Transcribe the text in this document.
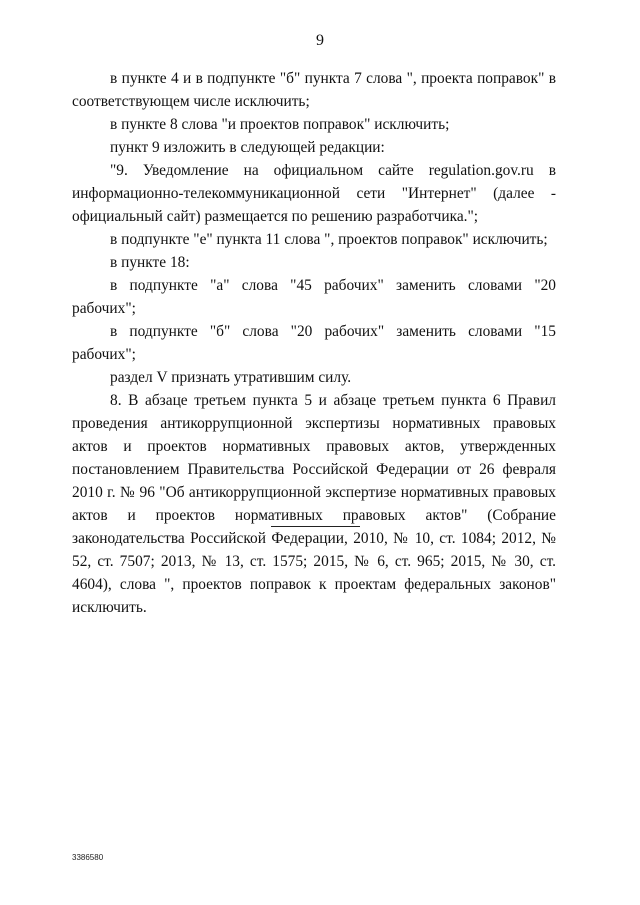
9

в пункте 4 и в подпункте "б" пункта 7 слова ", проекта поправок" в соответствующем числе исключить;

в пункте 8 слова "и проектов поправок" исключить;

пункт 9 изложить в следующей редакции:

"9. Уведомление на официальном сайте regulation.gov.ru в информационно-телекоммуникационной сети "Интернет" (далее - официальный сайт) размещается по решению разработчика.";

в подпункте "е" пункта 11 слова ", проектов поправок" исключить;

в пункте 18:

в подпункте "а" слова "45 рабочих" заменить словами "20 рабочих";

в подпункте "б" слова "20 рабочих" заменить словами "15 рабочих";

раздел V признать утратившим силу.

8. В абзаце третьем пункта 5 и абзаце третьем пункта 6 Правил проведения антикоррупционной экспертизы нормативных правовых актов и проектов нормативных правовых актов, утвержденных постановлением Правительства Российской Федерации от 26 февраля 2010 г. № 96 "Об антикоррупционной экспертизе нормативных правовых актов и проектов нормативных правовых актов" (Собрание законодательства Российской Федерации, 2010, № 10, ст. 1084; 2012, № 52, ст. 7507; 2013, № 13, ст. 1575; 2015, № 6, ст. 965; 2015, № 30, ст. 4604), слова ", проектов поправок к проектам федеральных законов" исключить.

3386580
